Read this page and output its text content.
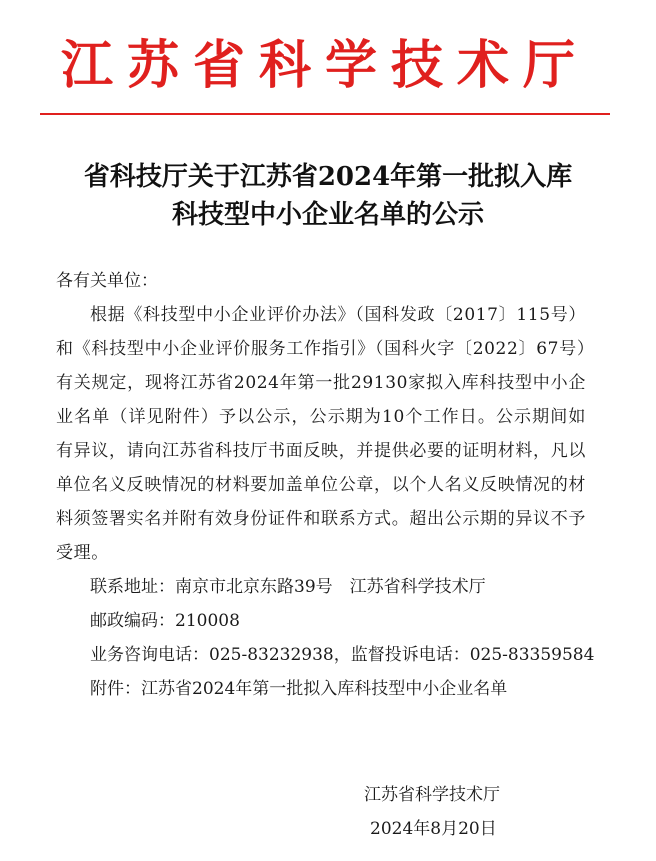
江苏省科学技术厅
省科技厅关于江苏省2024年第一批拟入库
科技型中小企业名单的公示
各有关单位：
根据《科技型中小企业评价办法》（国科发政〔2017〕115号）和《科技型中小企业评价服务工作指引》（国科火字〔2022〕67号）有关规定，现将江苏省2024年第一批29130家拟入库科技型中小企业名单（详见附件）予以公示，公示期为10个工作日。公示期间如有异议，请向江苏省科技厅书面反映，并提供必要的证明材料，凡以单位名义反映情况的材料要加盖单位公章，以个人名义反映情况的材料须签署实名并附有效身份证件和联系方式。超出公示期的异议不予受理。
联系地址：南京市北京东路39号　江苏省科学技术厅
邮政编码：210008
业务咨询电话：025-83232938，监督投诉电话：025-83359584
附件：江苏省2024年第一批拟入库科技型中小企业名单
江苏省科学技术厅
2024年8月20日
